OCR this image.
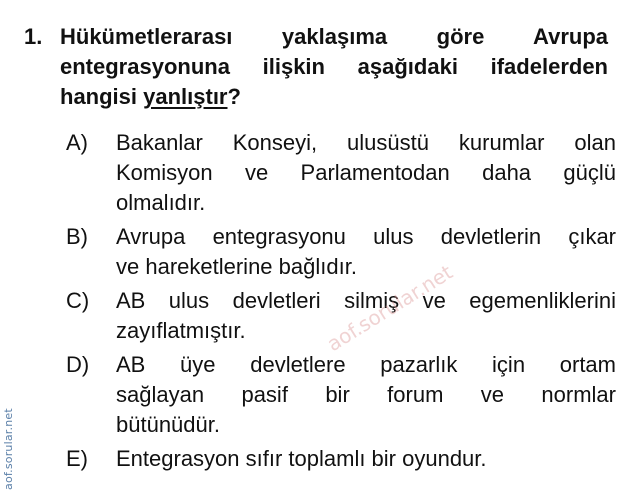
1. Hükümetlerarası yaklaşıma göre Avrupa
entegrasyonuna ilişkin aşağıdaki ifadelerden
hangisi yanlıştır?
A)	Bakanlar Konseyi, ulusüstü kurumlar olan
Komisyon ve Parlamentodan daha güçlü
olmalıdır.
B)	Avrupa entegrasyonu ulus devletlerin çıkar
ve hareketlerine bağlıdır.
C)	AB ulus devletleri silmiş ve egemenliklerini
zayıflatmıştır.
D)	AB üye devletlere pazarlık için ortam
sağlayan pasif bir forum ve normlar
bütünüdür.
E)	Entegrasyon sıfır toplamlı bir oyundur.
aof.sorular.net
aof.sorular.net
